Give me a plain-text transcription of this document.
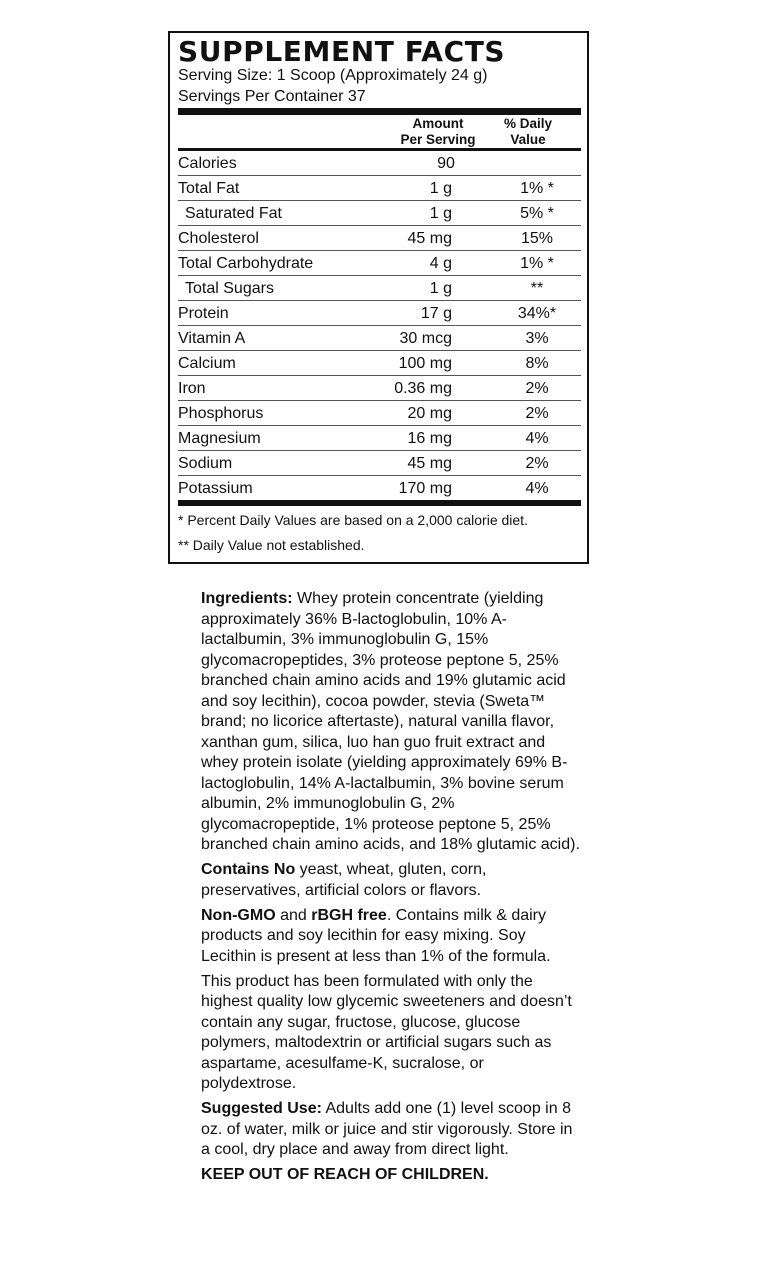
SUPPLEMENT FACTS
Serving Size: 1 Scoop (Approximately 24 g)
Servings Per Container 37
Amount
Per Serving
% Daily
Value
Calories	90
Total Fat	1 g	1% *
Saturated Fat	1 g	5% *
Cholesterol	45 mg	15%
Total Carbohydrate	4 g	1% *
Total Sugars	1 g	**
Protein	17 g	34%*
Vitamin A	30 mcg	3%
Calcium	100 mg	8%
Iron	0.36 mg	2%
Phosphorus	20 mg	2%
Magnesium	16 mg	4%
Sodium	45 mg	2%
Potassium	170 mg	4%
* Percent Daily Values are based on a 2,000 calorie diet.
** Daily Value not established.

Ingredients: Whey protein concentrate (yielding approximately 36% B-lactoglobulin, 10% A-lactalbumin, 3% immunoglobulin G, 15% glycomacropeptides, 3% proteose peptone 5, 25% branched chain amino acids and 19% glutamic acid and soy lecithin), cocoa powder, stevia (Sweta™ brand; no licorice aftertaste), natural vanilla flavor, xanthan gum, silica, luo han guo fruit extract and whey protein isolate (yielding approximately 69% B-lactoglobulin, 14% A-lactalbumin, 3% bovine serum albumin, 2% immunoglobulin G, 2% glycomacropeptide, 1% proteose peptone 5, 25% branched chain amino acids, and 18% glutamic acid).

Contains No yeast, wheat, gluten, corn, preservatives, artificial colors or flavors.

Non-GMO and rBGH free. Contains milk & dairy products and soy lecithin for easy mixing. Soy Lecithin is present at less than 1% of the formula.

This product has been formulated with only the highest quality low glycemic sweeteners and doesn’t contain any sugar, fructose, glucose, glucose polymers, maltodextrin or artificial sugars such as aspartame, acesulfame-K, sucralose, or polydextrose.

Suggested Use: Adults add one (1) level scoop in 8 oz. of water, milk or juice and stir vigorously. Store in a cool, dry place and away from direct light.

KEEP OUT OF REACH OF CHILDREN.
